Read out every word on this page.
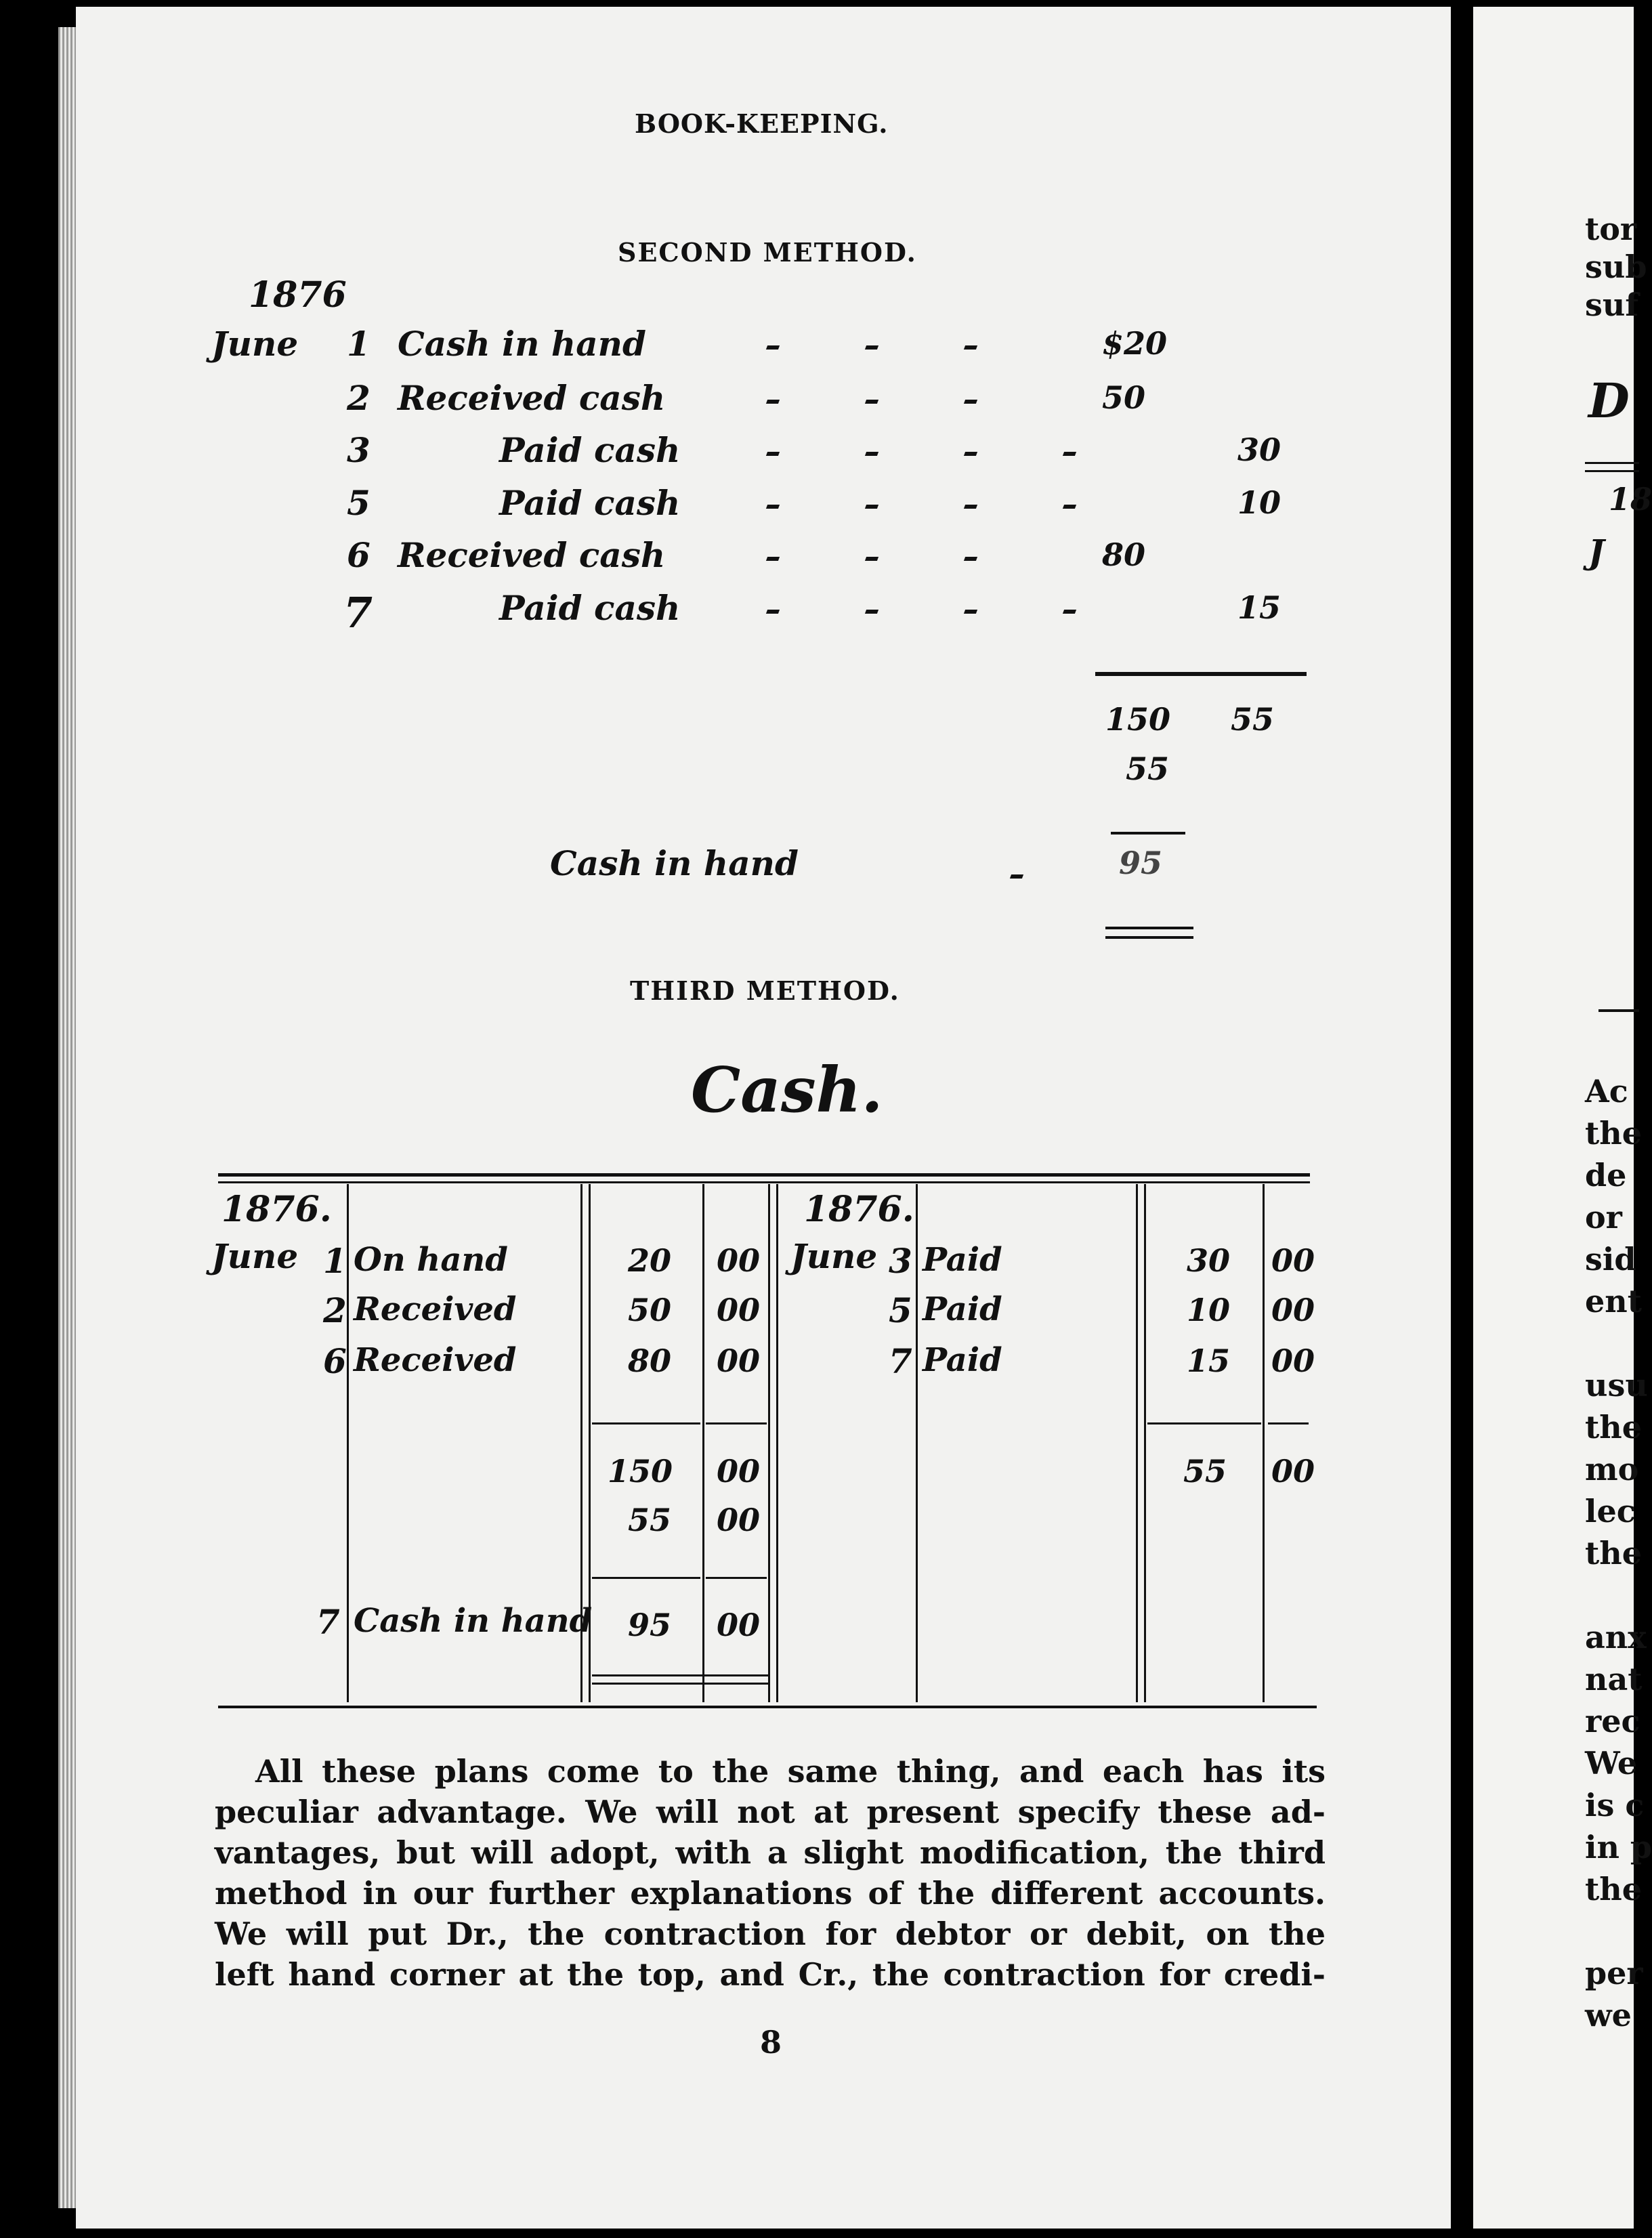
BOOK-KEEPING.
SECOND METHOD.
1876
June 1 Cash in hand	$20
2 Received cash	50
3	Paid cash	30
5	Paid cash	10
6 Received cash	80
7	Paid cash	15
150 55
55
Cash in hand	95
THIRD METHOD.
Cash.
1876.
June 1 On hand	20 00
2 Received	50 00
6 Received	80 00
150 00
55 00
7 Cash in hand 95 00
1876.
June 3 Paid	30 00
5 Paid	10 00
7 Paid	15 00
55 00
All these plans come to the same thing, and each has its
peculiar advantage. We will not at present specify these ad-
vantages, but will adopt, with a slight modification, the third
method in our further explanations of the different accounts.
We will put Dr., the contraction for debtor or debit, on the
left hand corner at the top, and Cr., the contraction for credi-
8
tor
sub
suf
D
18
J
Ac
the
de
or
sid
ent
usu
the
mo
lec
the
anx
nat
rec
We
is c
in p
the
per
we
